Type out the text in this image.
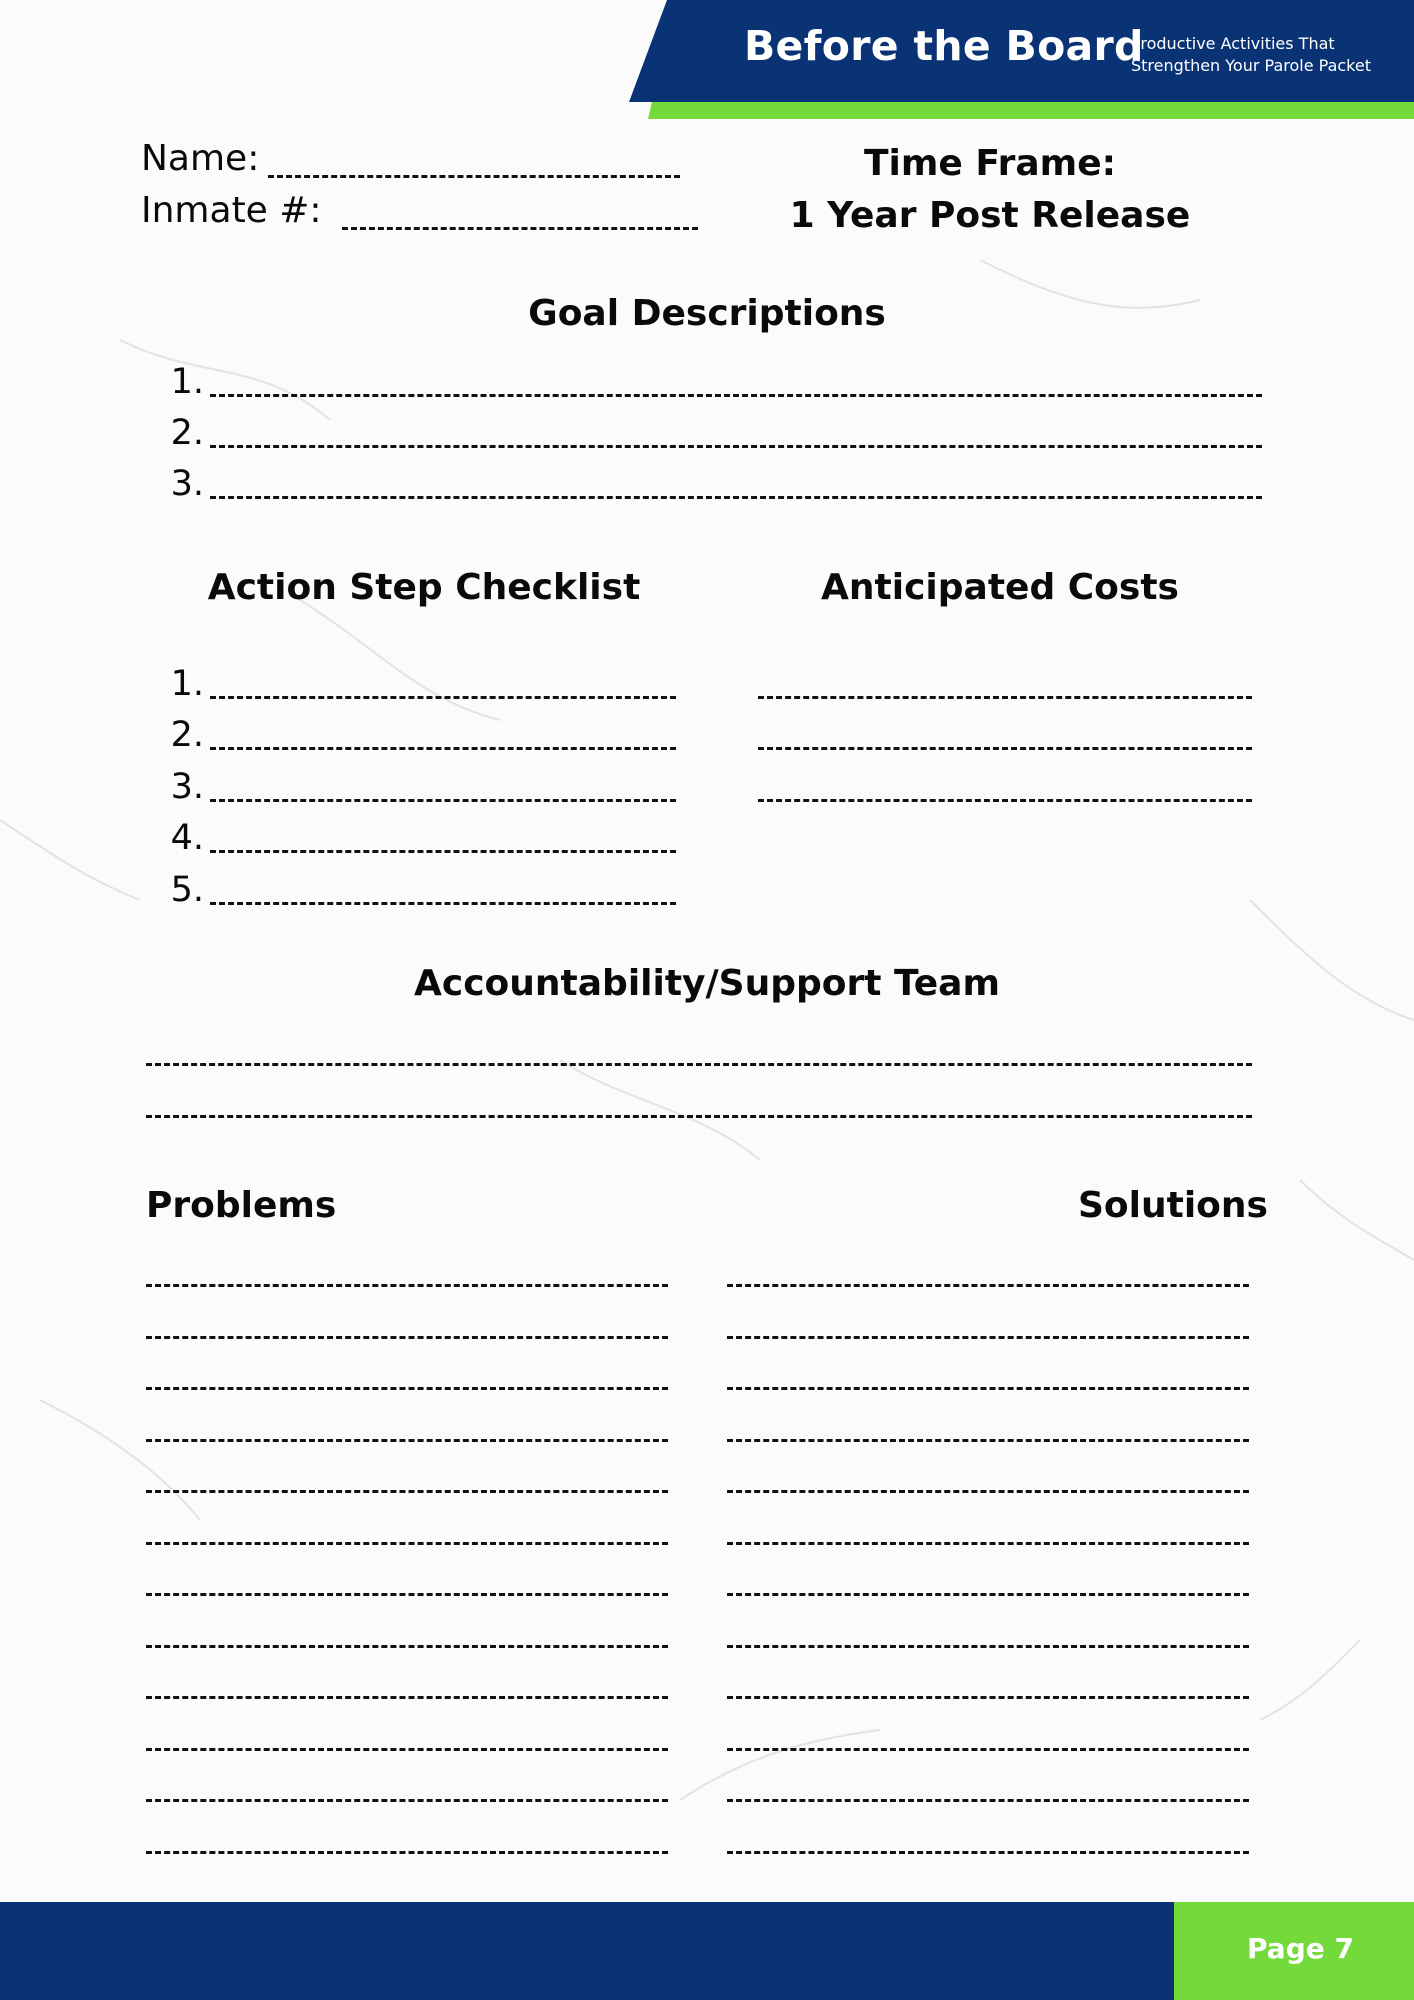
Before the Board
Productive Activities That
Strengthen Your Parole Packet
Name:
Inmate #:
Time Frame:
1 Year Post Release
Goal Descriptions
1.
2.
3.
Action Step Checklist
1.
2.
3.
4.
5.
Anticipated Costs
Accountability/Support Team
Problems	Solutions
Page 7
